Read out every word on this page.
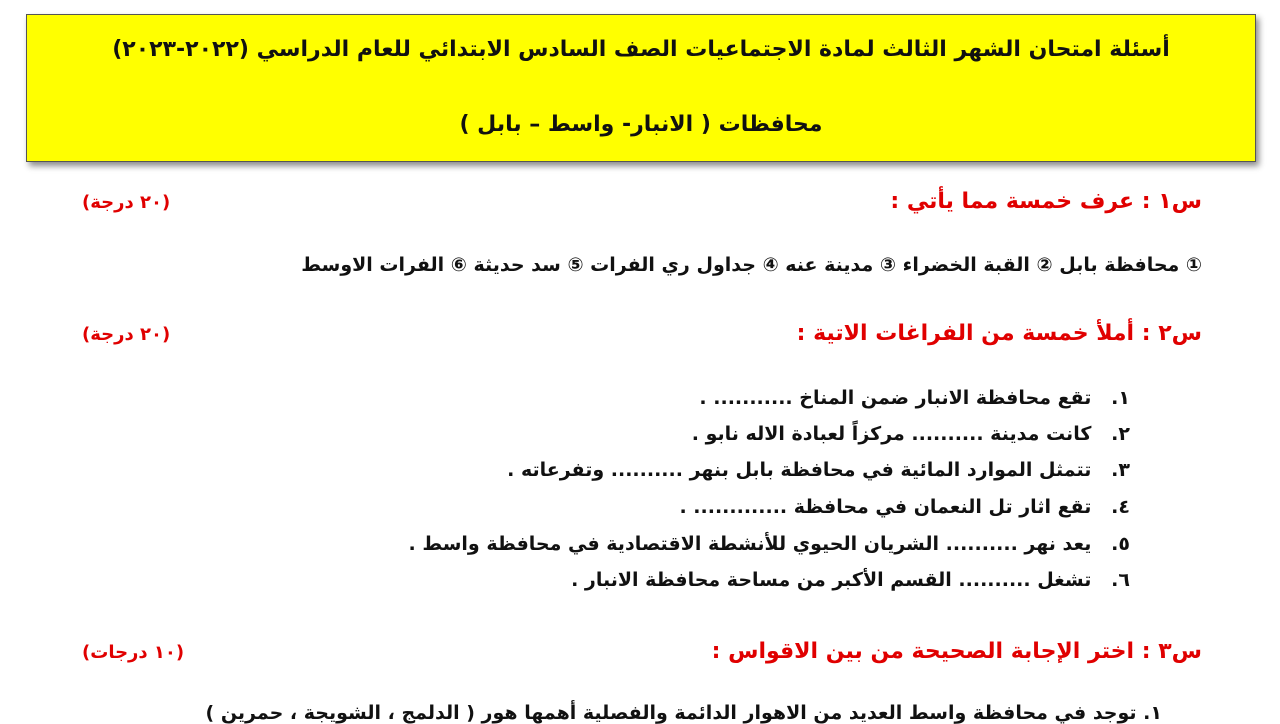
أسئلة امتحان الشهر الثالث لمادة الاجتماعيات الصف السادس الابتدائي للعام الدراسي (٢٠٢٢-٢٠٢٣)
محافظات ( الانبار- واسط – بابل )
س١ : عرف خمسة مما يأتي :
(٢٠ درجة)
① محافظة بابل ② القبة الخضراء ③ مدينة عنه ④ جداول ري الفرات ⑤ سد حديثة ⑥ الفرات الاوسط
س٢ : أملأ خمسة من الفراغات الاتية :
(٢٠ درجة)
١. تقع محافظة الانبار ضمن المناخ ........... .
٢. كانت مدينة .......... مركزاً لعبادة الاله نابو .
٣. تتمثل الموارد المائية في محافظة بابل بنهر .......... وتفرعاته .
٤. تقع اثار تل النعمان في محافظة ............. .
٥. يعد نهر .......... الشريان الحيوي للأنشطة الاقتصادية في محافظة واسط .
٦. تشغل .......... القسم الأكبر من مساحة محافظة الانبار .
س٣ : اختر الإجابة الصحيحة من بين الاقواس :
(١٠ درجات)
١. توجد في محافظة واسط العديد من الاهوار الدائمة والفصلية أهمها هور ( الدلمج ، الشويجة ، حمرين )
